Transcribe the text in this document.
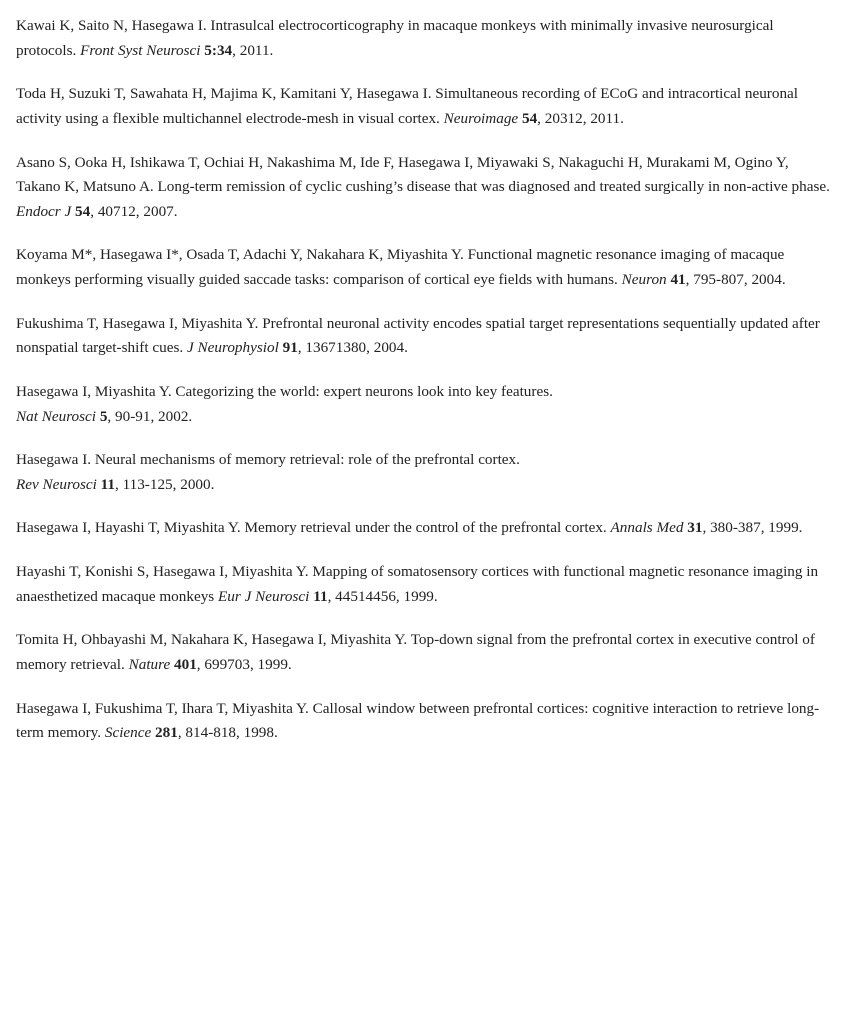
Kawai K, Saito N, Hasegawa I. Intrasulcal electrocorticography in macaque monkeys with minimally invasive neurosurgical protocols. Front Syst Neurosci 5:34, 2011.

Toda H, Suzuki T, Sawahata H, Majima K, Kamitani Y, Hasegawa I. Simultaneous recording of ECoG and intracortical neuronal activity using a flexible multichannel electrode-mesh in visual cortex. Neuroimage 54, 20312, 2011.

Asano S, Ooka H, Ishikawa T, Ochiai H, Nakashima M, Ide F, Hasegawa I, Miyawaki S, Nakaguchi H, Murakami M, Ogino Y, Takano K, Matsuno A. Long-term remission of cyclic cushing’s disease that was diagnosed and treated surgically in non-active phase. Endocr J 54, 40712, 2007.

Koyama M*, Hasegawa I*, Osada T, Adachi Y, Nakahara K, Miyashita Y. Functional magnetic resonance imaging of macaque monkeys performing visually guided saccade tasks: comparison of cortical eye fields with humans. Neuron 41, 795-807, 2004.

Fukushima T, Hasegawa I, Miyashita Y. Prefrontal neuronal activity encodes spatial target representations sequentially updated after nonspatial target-shift cues. J Neurophysiol 91, 13671380, 2004.

Hasegawa I, Miyashita Y. Categorizing the world: expert neurons look into key features.
Nat Neurosci 5, 90-91, 2002.

Hasegawa I. Neural mechanisms of memory retrieval: role of the prefrontal cortex.
Rev Neurosci 11, 113-125, 2000.

Hasegawa I, Hayashi T, Miyashita Y. Memory retrieval under the control of the prefrontal cortex. Annals Med 31, 380-387, 1999.

Hayashi T, Konishi S, Hasegawa I, Miyashita Y. Mapping of somatosensory cortices with functional magnetic resonance imaging in anaesthetized macaque monkeys Eur J Neurosci 11, 44514456, 1999.

Tomita H, Ohbayashi M, Nakahara K, Hasegawa I, Miyashita Y. Top-down signal from the prefrontal cortex in executive control of memory retrieval. Nature 401, 699703, 1999.

Hasegawa I, Fukushima T, Ihara T, Miyashita Y. Callosal window between prefrontal cortices: cognitive interaction to retrieve long-term memory. Science 281, 814-818, 1998.
